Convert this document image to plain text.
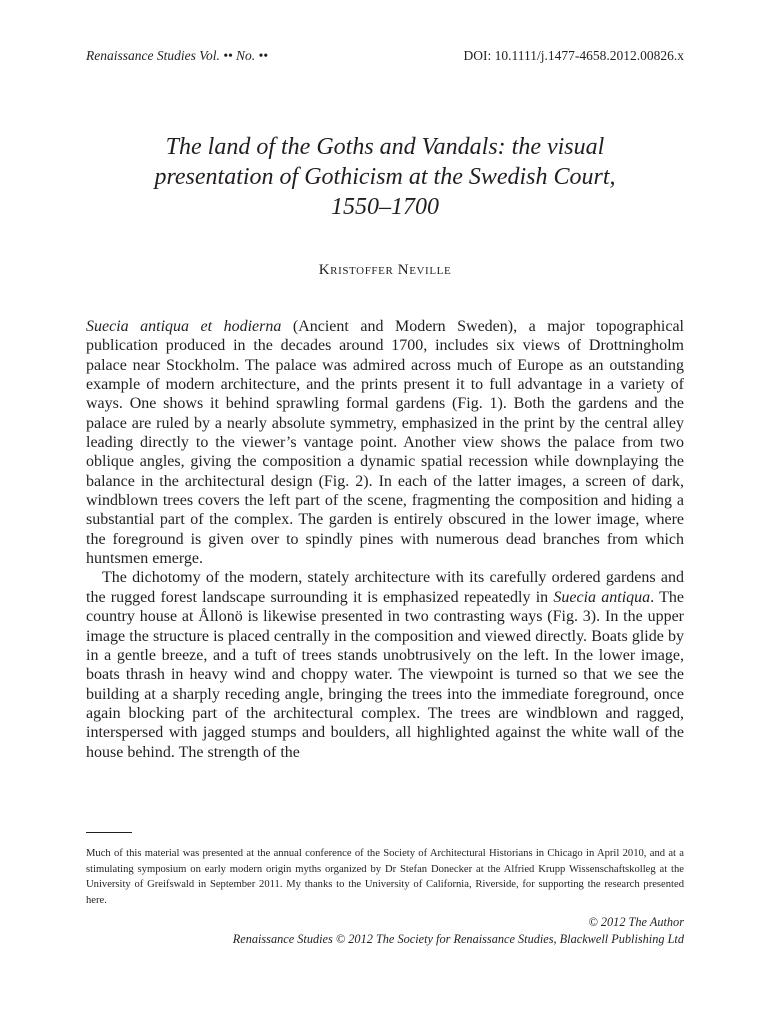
Renaissance Studies Vol. •• No. ••	DOI: 10.1111/j.1477-4658.2012.00826.x
The land of the Goths and Vandals: the visual
presentation of Gothicism at the Swedish Court,
1550–1700
Kristoffer Neville

Suecia antiqua et hodierna (Ancient and Modern Sweden), a major topographical publication produced in the decades around 1700, includes six views of Drottningholm palace near Stockholm. The palace was admired across much of Europe as an outstanding example of modern architecture, and the prints present it to full advantage in a variety of ways. One shows it behind sprawling formal gardens (Fig. 1). Both the gardens and the palace are ruled by a nearly absolute symmetry, emphasized in the print by the central alley leading directly to the viewer’s vantage point. Another view shows the palace from two oblique angles, giving the composition a dynamic spatial recession while downplaying the balance in the architectural design (Fig. 2). In each of the latter images, a screen of dark, windblown trees covers the left part of the scene, fragmenting the composition and hiding a substantial part of the complex. The garden is entirely obscured in the lower image, where the foreground is given over to spindly pines with numerous dead branches from which huntsmen emerge.

The dichotomy of the modern, stately architecture with its carefully ordered gardens and the rugged forest landscape surrounding it is emphasized repeatedly in Suecia antiqua. The country house at Ållonö is likewise presented in two contrasting ways (Fig. 3). In the upper image the structure is placed centrally in the composition and viewed directly. Boats glide by in a gentle breeze, and a tuft of trees stands unobtrusively on the left. In the lower image, boats thrash in heavy wind and choppy water. The viewpoint is turned so that we see the building at a sharply receding angle, bringing the trees into the immediate foreground, once again blocking part of the architectural complex. The trees are windblown and ragged, interspersed with jagged stumps and boulders, all highlighted against the white wall of the house behind. The strength of the

Much of this material was presented at the annual conference of the Society of Architectural Historians in Chicago in April 2010, and at a stimulating symposium on early modern origin myths organized by Dr Stefan Donecker at the Alfried Krupp Wissenschaftskolleg at the University of Greifswald in September 2011. My thanks to the University of California, Riverside, for supporting the research presented here.
© 2012 The Author
Renaissance Studies © 2012 The Society for Renaissance Studies, Blackwell Publishing Ltd
